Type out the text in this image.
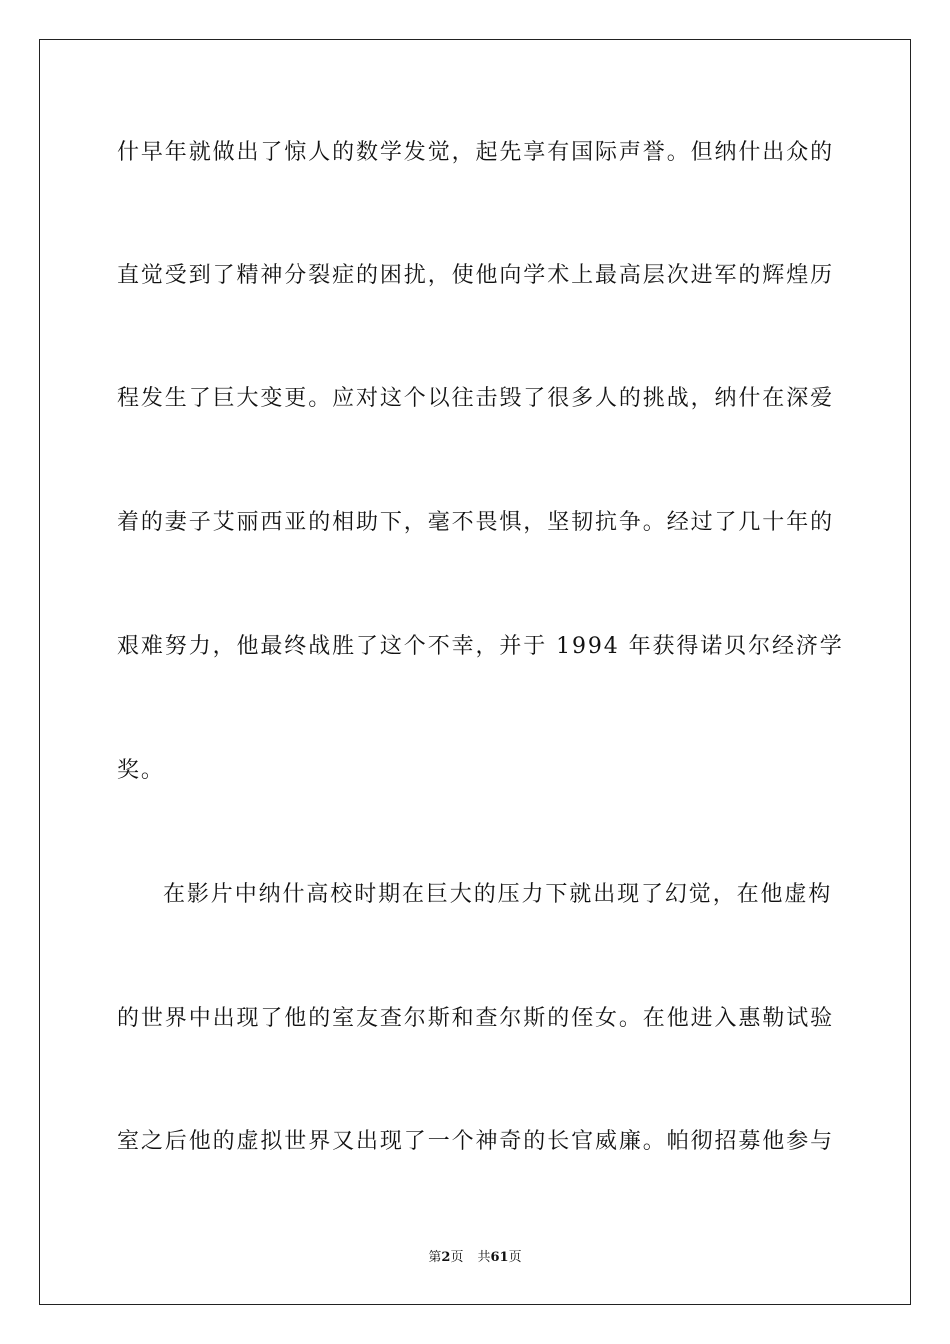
什早年就做出了惊人的数学发觉，起先享有国际声誉。但纳什出众的
直觉受到了精神分裂症的困扰，使他向学术上最高层次进军的辉煌历
程发生了巨大变更。应对这个以往击毁了很多人的挑战，纳什在深爱
着的妻子艾丽西亚的相助下，毫不畏惧，坚韧抗争。经过了几十年的
艰难努力，他最终战胜了这个不幸，并于 1994 年获得诺贝尔经济学
奖。
在影片中纳什高校时期在巨大的压力下就出现了幻觉，在他虚构
的世界中出现了他的室友查尔斯和查尔斯的侄女。在他进入惠勒试验
室之后他的虚拟世界又出现了一个神奇的长官威廉。帕彻招募他参与
第2页 共61页
